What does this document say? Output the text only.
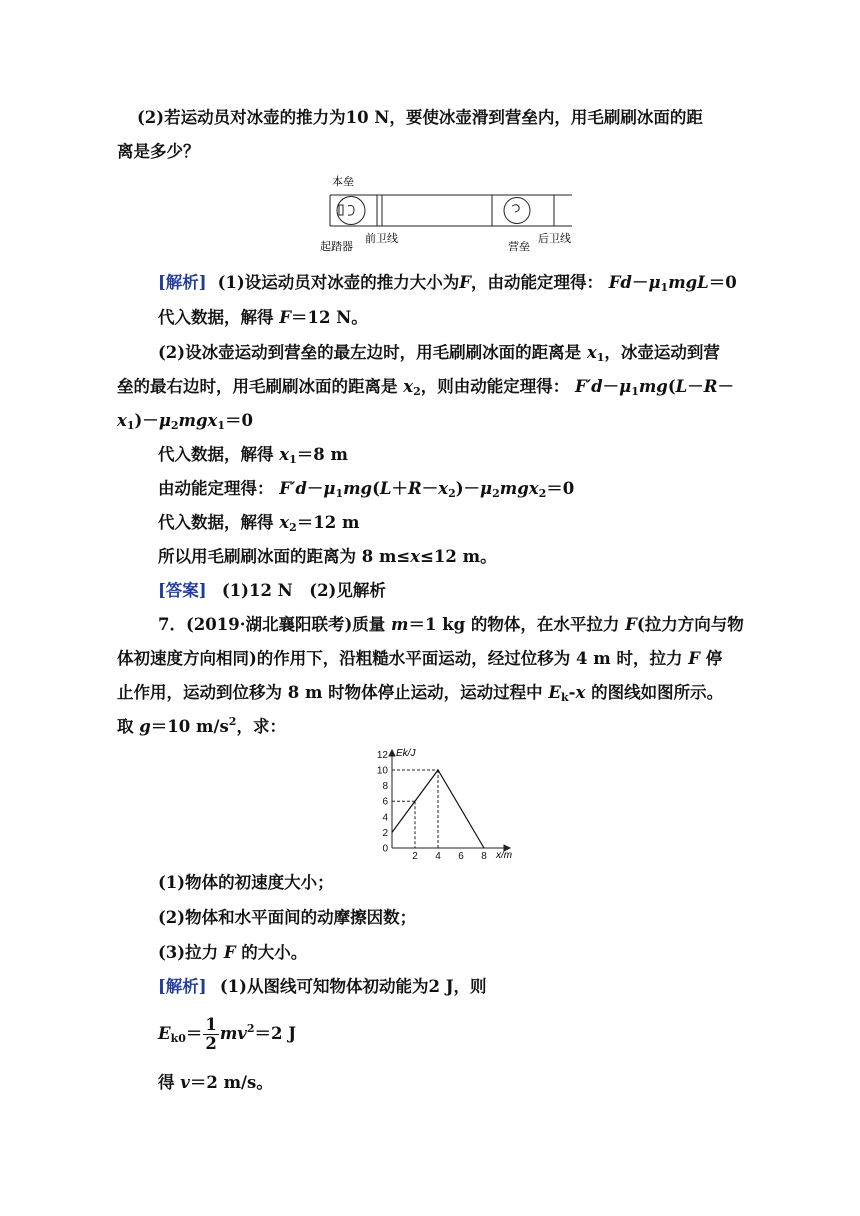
(2)若运动员对冰壶的推力为10 N，要使冰壶滑到营垒内，用毛刷刷冰面的距
离是多少？
本垒
起踏器
前卫线
营垒
后卫线
[解析]  (1)设运动员对冰壶的推力大小为F，由动能定理得： $Fd-\mu_1mgL=0$
代入数据，解得 F＝12 N。
(2)设冰壶运动到营垒的最左边时，用毛刷刷冰面的距离是 $x_1$，冰壶运动到营
垒的最右边时，用毛刷刷冰面的距离是 $x_2$，则由动能定理得： $F'd-\mu_1mg(L-R-$
$x_1)-\mu_2mgx_1=0$
代入数据，解得 $x_1=8$ m
由动能定理得： $F'd-\mu_1mg(L+R-x_2)-\mu_2mgx_2=0$
代入数据，解得 $x_2=12$ m
所以用毛刷刷冰面的距离为 8 m≤x≤12 m。
[答案] (1)12 N　(2)见解析
7．(2019·湖北襄阳联考)质量 m＝1 kg 的物体，在水平拉力 F(拉力方向与物
体初速度方向相同)的作用下，沿粗糙水平面运动，经过位移为 4 m 时，拉力 F 停
止作用，运动到位移为 8 m 时物体停止运动，运动过程中 $E_k-x$ 的图线如图所示。
取 g＝10 $m/s^2$，求：
0
2
4
6
8
10
12
2 4 6 8
Ek/J
x/m
(1)物体的初速度大小；
(2)物体和水平面间的动摩擦因数；
(3)拉力 F 的大小。
[解析] (1)从图线可知物体初动能为2 J，则
$E_{k0}= \frac{1}{2} mv^2=2$ J
得 v＝2 m/s。
